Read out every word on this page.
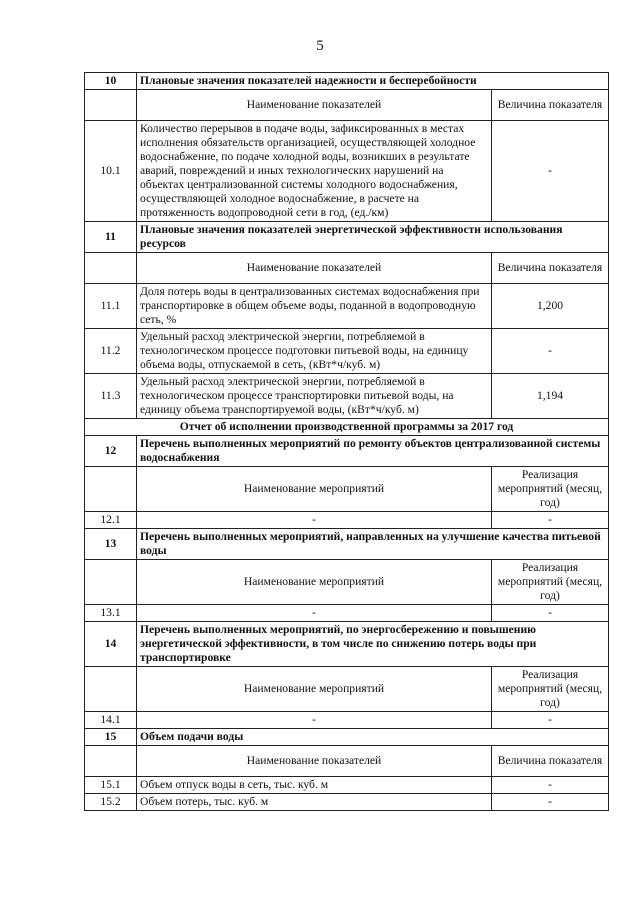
5
10	Плановые значения показателей надежности и бесперебойности	
	Наименование показателей	Величина показателя
10.1	Количество перерывов в подаче воды, зафиксированных в местах исполнения обязательств организацией, осуществляющей холодное водоснабжение, по подаче холодной воды, возникших в результате аварий, повреждений и иных технологических нарушений на объектах централизованной системы холодного водоснабжения, осуществляющей холодное водоснабжение, в расчете на протяженность водопроводной сети в год, (ед./км)	-
11	Плановые значения показателей энергетической эффективности использования ресурсов	
	Наименование показателей	Величина показателя
11.1	Доля потерь воды в централизованных системах водоснабжения при транспортировке в общем объеме воды, поданной в водопроводную сеть, %	1,200
11.2	Удельный расход электрической энергии, потребляемой в технологическом процессе подготовки питьевой воды, на единицу объема воды, отпускаемой в сеть, (кВт*ч/куб. м)	-
11.3	Удельный расход электрической энергии, потребляемой в технологическом процессе транспортировки питьевой воды, на единицу объема транспортируемой воды, (кВт*ч/куб. м)	1,194
Отчет об исполнении производственной программы за 2017 год		
12	Перечень выполненных мероприятий по ремонту объектов централизованной системы водоснабжения	
	Наименование мероприятий	Реализация мероприятий (месяц, год)
12.1	-	-
13	Перечень выполненных мероприятий, направленных на улучшение качества питьевой воды	
	Наименование мероприятий	Реализация мероприятий (месяц, год)
13.1	-	-
14	Перечень выполненных мероприятий, по энергосбережению и повышению энергетической эффективности, в том числе по снижению потерь воды при транспортировке	
	Наименование мероприятий	Реализация мероприятий (месяц, год)
14.1	-	-
15	Объем подачи воды	
	Наименование показателей	Величина показателя
15.1	Объем отпуск воды в сеть, тыс. куб. м	-
15.2	Объем потерь, тыс. куб. м	-
